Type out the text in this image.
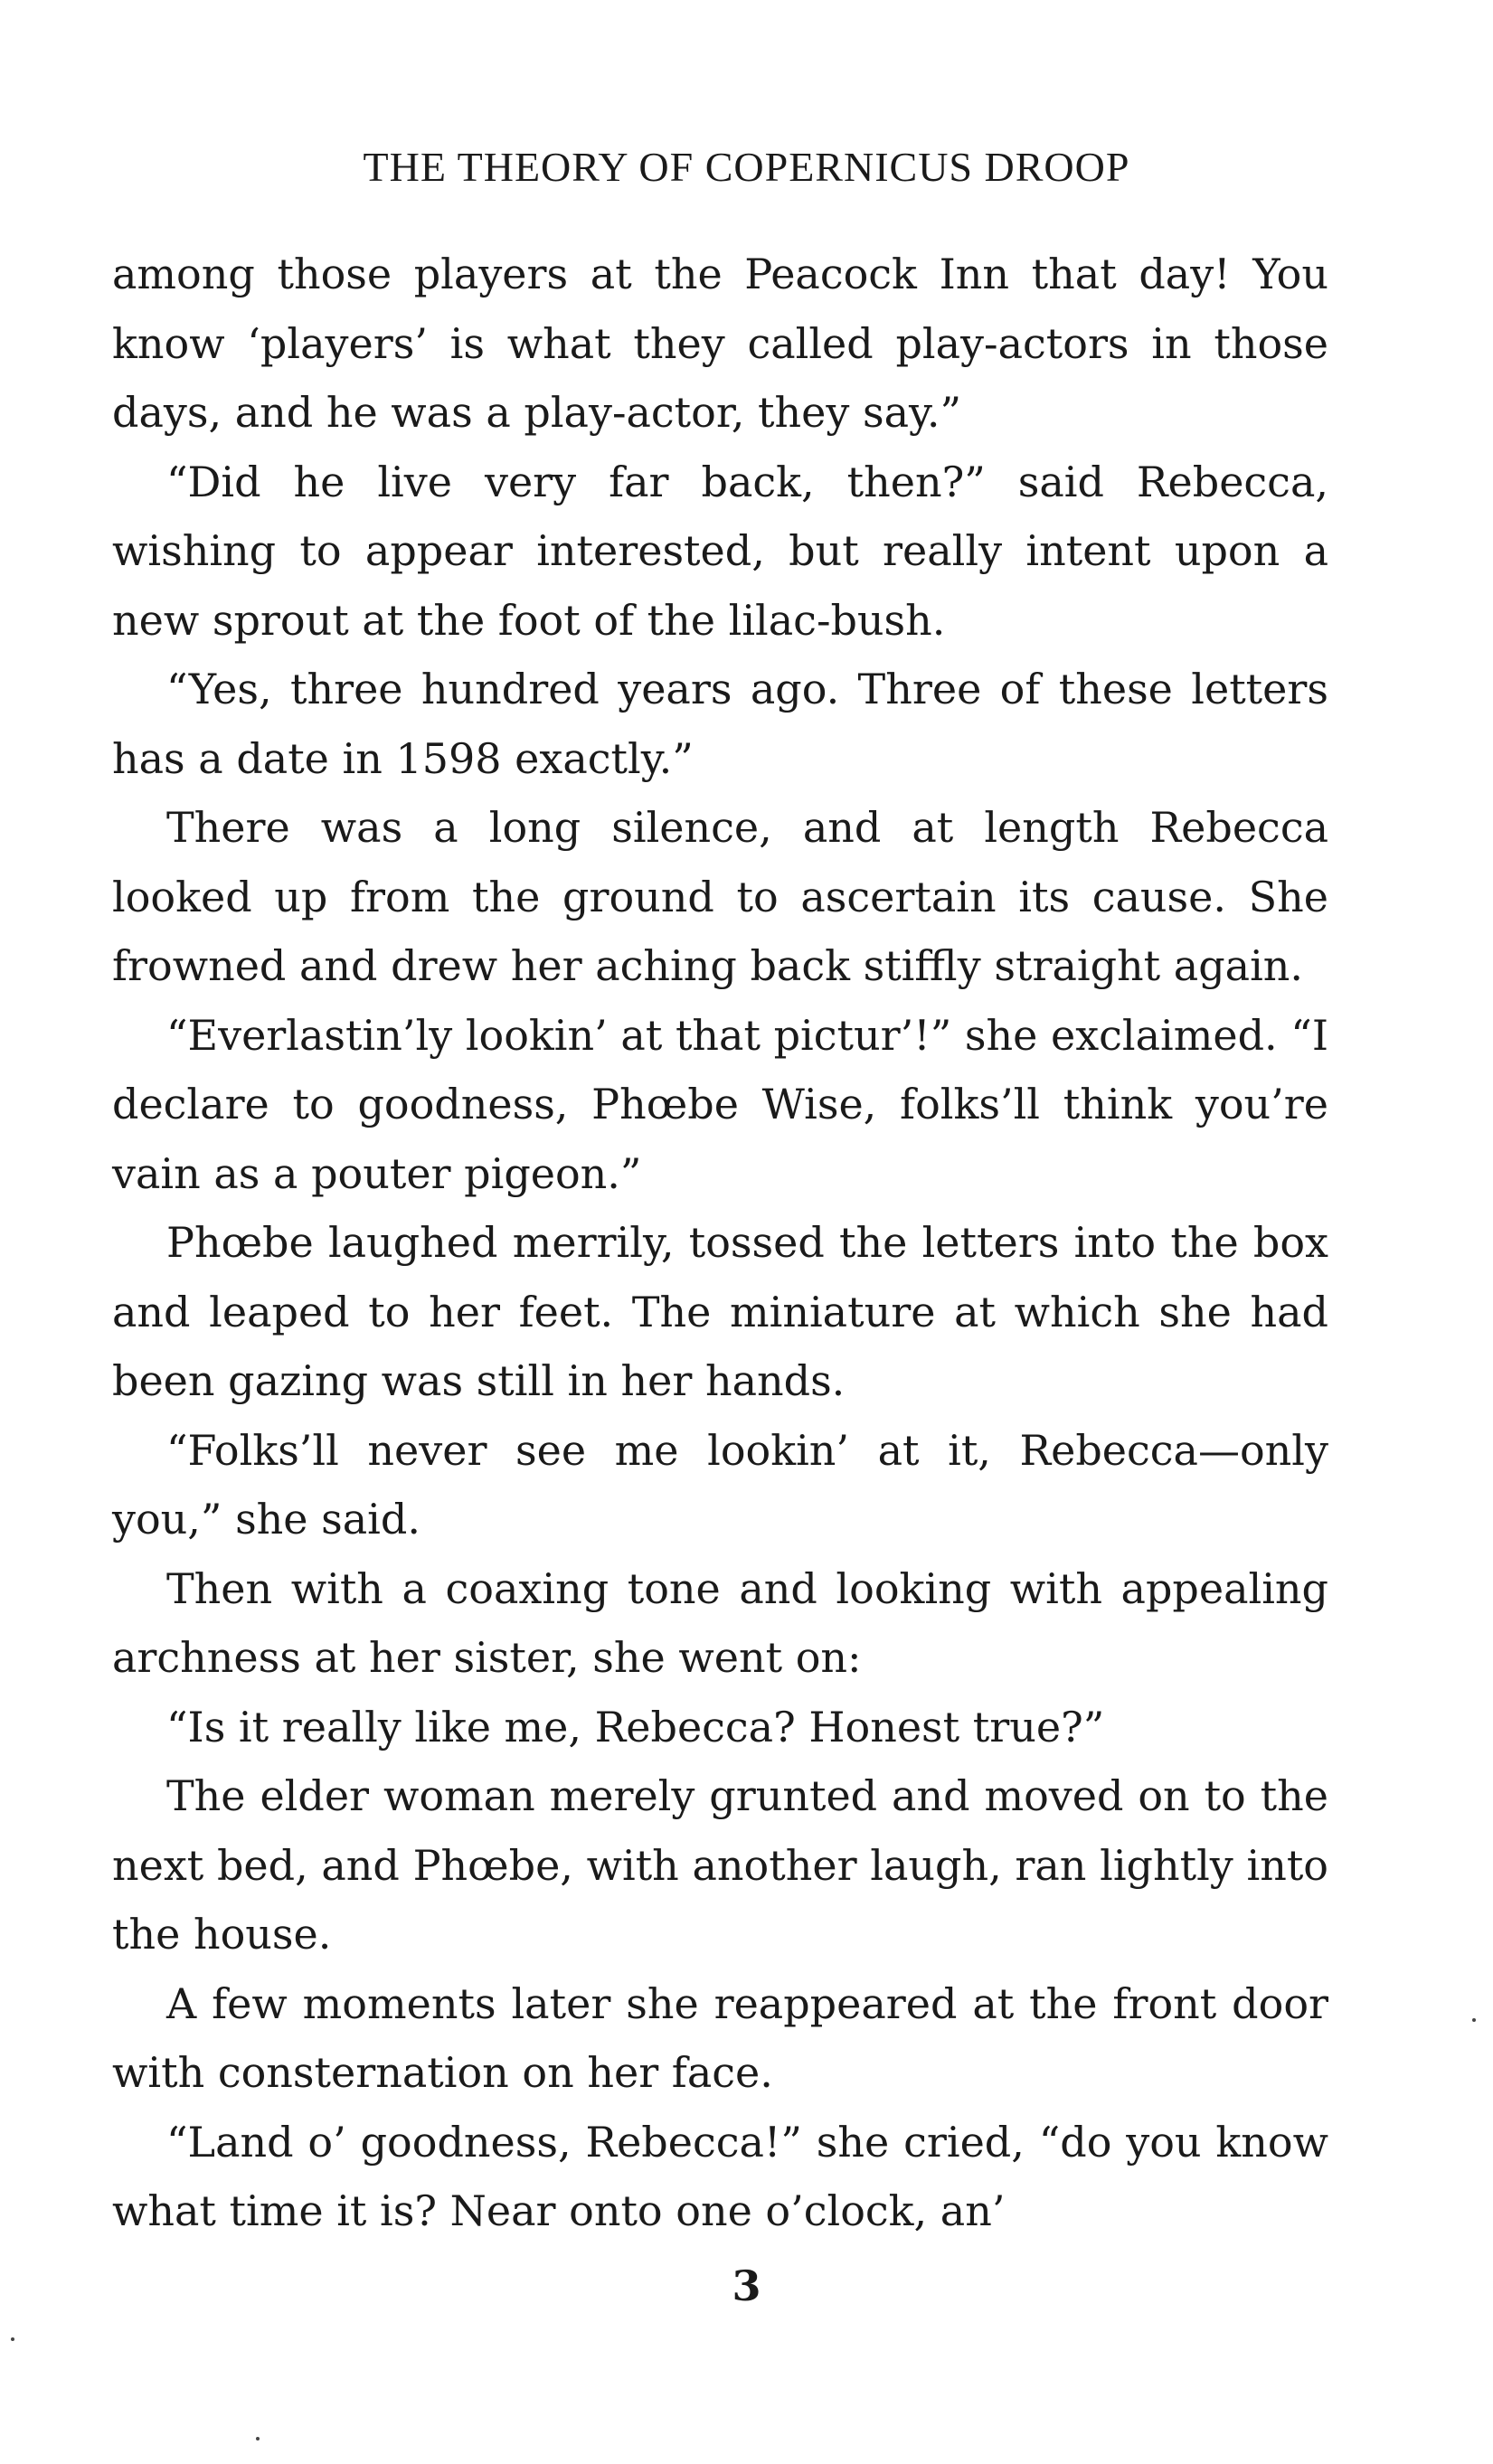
THE THEORY OF COPERNICUS DROOP

among those players at the Peacock Inn that day! You know ‘players’ is what they called play-actors in those days, and he was a play-actor, they say.”

“Did he live very far back, then?” said Rebecca, wishing to appear interested, but really intent upon a new sprout at the foot of the lilac-bush.

“Yes, three hundred years ago. Three of these letters has a date in 1598 exactly.”

There was a long silence, and at length Rebecca looked up from the ground to ascertain its cause. She frowned and drew her aching back stiffly straight again.

“Everlastin’ly lookin’ at that pictur’!” she exclaimed. “I declare to goodness, Phœbe Wise, folks’ll think you’re vain as a pouter pigeon.”

Phœbe laughed merrily, tossed the letters into the box and leaped to her feet. The miniature at which she had been gazing was still in her hands.

“Folks’ll never see me lookin’ at it, Rebecca—only you,” she said.

Then with a coaxing tone and looking with appealing archness at her sister, she went on:

“Is it really like me, Rebecca? Honest true?”

The elder woman merely grunted and moved on to the next bed, and Phœbe, with another laugh, ran lightly into the house.

A few moments later she reappeared at the front door with consternation on her face.

“Land o’ goodness, Rebecca!” she cried, “do you know what time it is? Near onto one o’clock, an’

3
